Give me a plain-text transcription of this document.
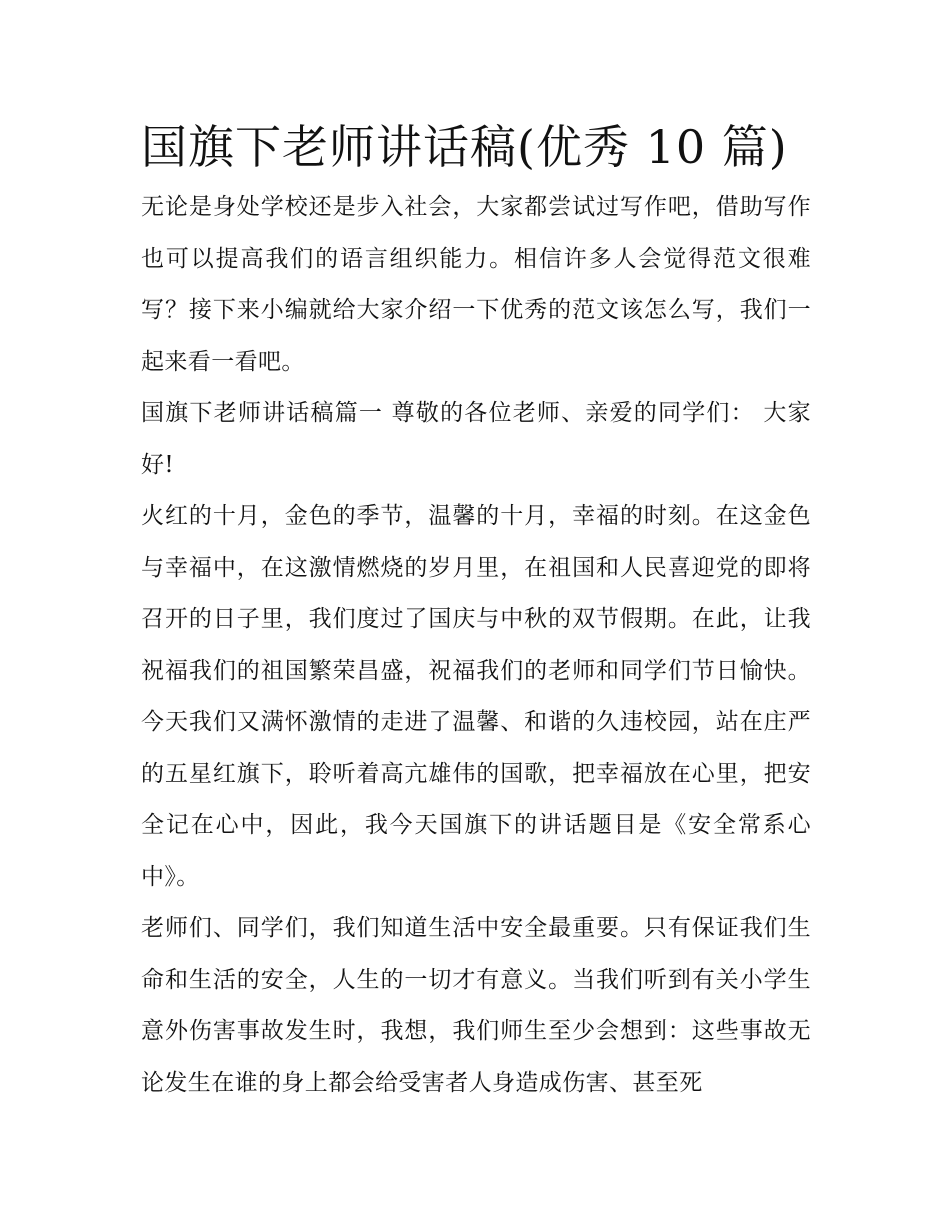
国旗下老师讲话稿(优秀 10 篇)

无论是身处学校还是步入社会，大家都尝试过写作吧，借助写作也可以提高我们的语言组织能力。相信许多人会觉得范文很难写？接下来小编就给大家介绍一下优秀的范文该怎么写，我们一起来看一看吧。

国旗下老师讲话稿篇一 尊敬的各位老师、亲爱的同学们： 大家好!

火红的十月，金色的季节，温馨的十月，幸福的时刻。在这金色与幸福中，在这激情燃烧的岁月里，在祖国和人民喜迎党的即将召开的日子里，我们度过了国庆与中秋的双节假期。在此，让我祝福我们的祖国繁荣昌盛，祝福我们的老师和同学们节日愉快。今天我们又满怀激情的走进了温馨、和谐的久违校园，站在庄严的五星红旗下，聆听着高亢雄伟的国歌，把幸福放在心里，把安全记在心中，因此，我今天国旗下的讲话题目是《安全常系心中》。

老师们、同学们，我们知道生活中安全最重要。只有保证我们生命和生活的安全，人生的一切才有意义。当我们听到有关小学生意外伤害事故发生时，我想，我们师生至少会想到：这些事故无论发生在谁的身上都会给受害者人身造成伤害、甚至死
